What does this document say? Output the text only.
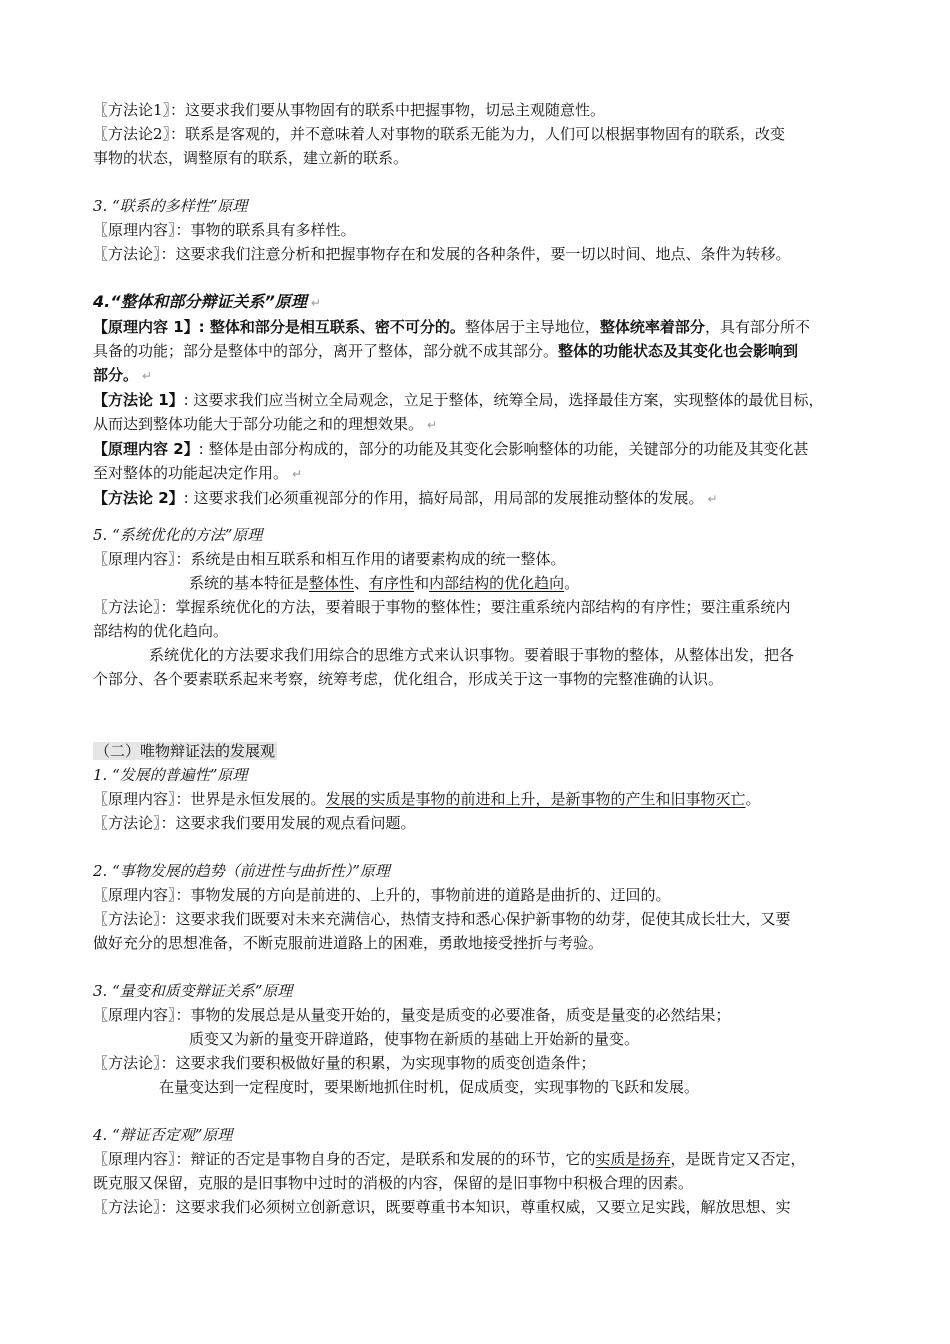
〖方法论1〗：这要求我们要从事物固有的联系中把握事物，切忌主观随意性。
〖方法论2〗：联系是客观的，并不意味着人对事物的联系无能为力，人们可以根据事物固有的联系，改变
事物的状态，调整原有的联系，建立新的联系。
3. “联系的多样性”原理
〖原理内容〗：事物的联系具有多样性。
〖方法论〗：这要求我们注意分析和把握事物存在和发展的各种条件，要一切以时间、地点、条件为转移。
4.“整体和部分辩证关系”原理 ↵
【原理内容 1】: 整体和部分是相互联系、密不可分的。整体居于主导地位，整体统率着部分，具有部分所不
具备的功能；部分是整体中的部分，离开了整体，部分就不成其部分。整体的功能状态及其变化也会影响到
部分。 ↵
【方法论 1】: 这要求我们应当树立全局观念，立足于整体，统筹全局，选择最佳方案，实现整体的最优目标，
从而达到整体功能大于部分功能之和的理想效果。 ↵
【原理内容 2】: 整体是由部分构成的，部分的功能及其变化会影响整体的功能，关键部分的功能及其变化甚
至对整体的功能起决定作用。 ↵
【方法论 2】: 这要求我们必须重视部分的作用，搞好局部，用局部的发展推动整体的发展。 ↵
5. “系统优化的方法”原理
〖原理内容〗：系统是由相互联系和相互作用的诸要素构成的统一整体。
系统的基本特征是整体性、有序性和内部结构的优化趋向。
〖方法论〗：掌握系统优化的方法，要着眼于事物的整体性；要注重系统内部结构的有序性；要注重系统内
部结构的优化趋向。
系统优化的方法要求我们用综合的思维方式来认识事物。要着眼于事物的整体，从整体出发，把各
个部分、各个要素联系起来考察，统筹考虑，优化组合，形成关于这一事物的完整准确的认识。
（二）唯物辩证法的发展观
1. “发展的普遍性”原理
〖原理内容〗：世界是永恒发展的。发展的实质是事物的前进和上升，是新事物的产生和旧事物灭亡。
〖方法论〗：这要求我们要用发展的观点看问题。
2. “事物发展的趋势（前进性与曲折性）”原理
〖原理内容〗：事物发展的方向是前进的、上升的，事物前进的道路是曲折的、迂回的。
〖方法论〗：这要求我们既要对未来充满信心，热情支持和悉心保护新事物的幼芽，促使其成长壮大，又要
做好充分的思想准备，不断克服前进道路上的困难，勇敢地接受挫折与考验。
3. “量变和质变辩证关系”原理
〖原理内容〗：事物的发展总是从量变开始的，量变是质变的必要准备，质变是量变的必然结果；
质变又为新的量变开辟道路，使事物在新质的基础上开始新的量变。
〖方法论〗：这要求我们要积极做好量的积累，为实现事物的质变创造条件；
在量变达到一定程度时，要果断地抓住时机，促成质变，实现事物的飞跃和发展。
4. “辩证否定观”原理
〖原理内容〗：辩证的否定是事物自身的否定，是联系和发展的的环节，它的实质是扬弃，是既肯定又否定，
既克服又保留，克服的是旧事物中过时的消极的内容，保留的是旧事物中积极合理的因素。
〖方法论〗：这要求我们必须树立创新意识，既要尊重书本知识，尊重权威，又要立足实践，解放思想、实
